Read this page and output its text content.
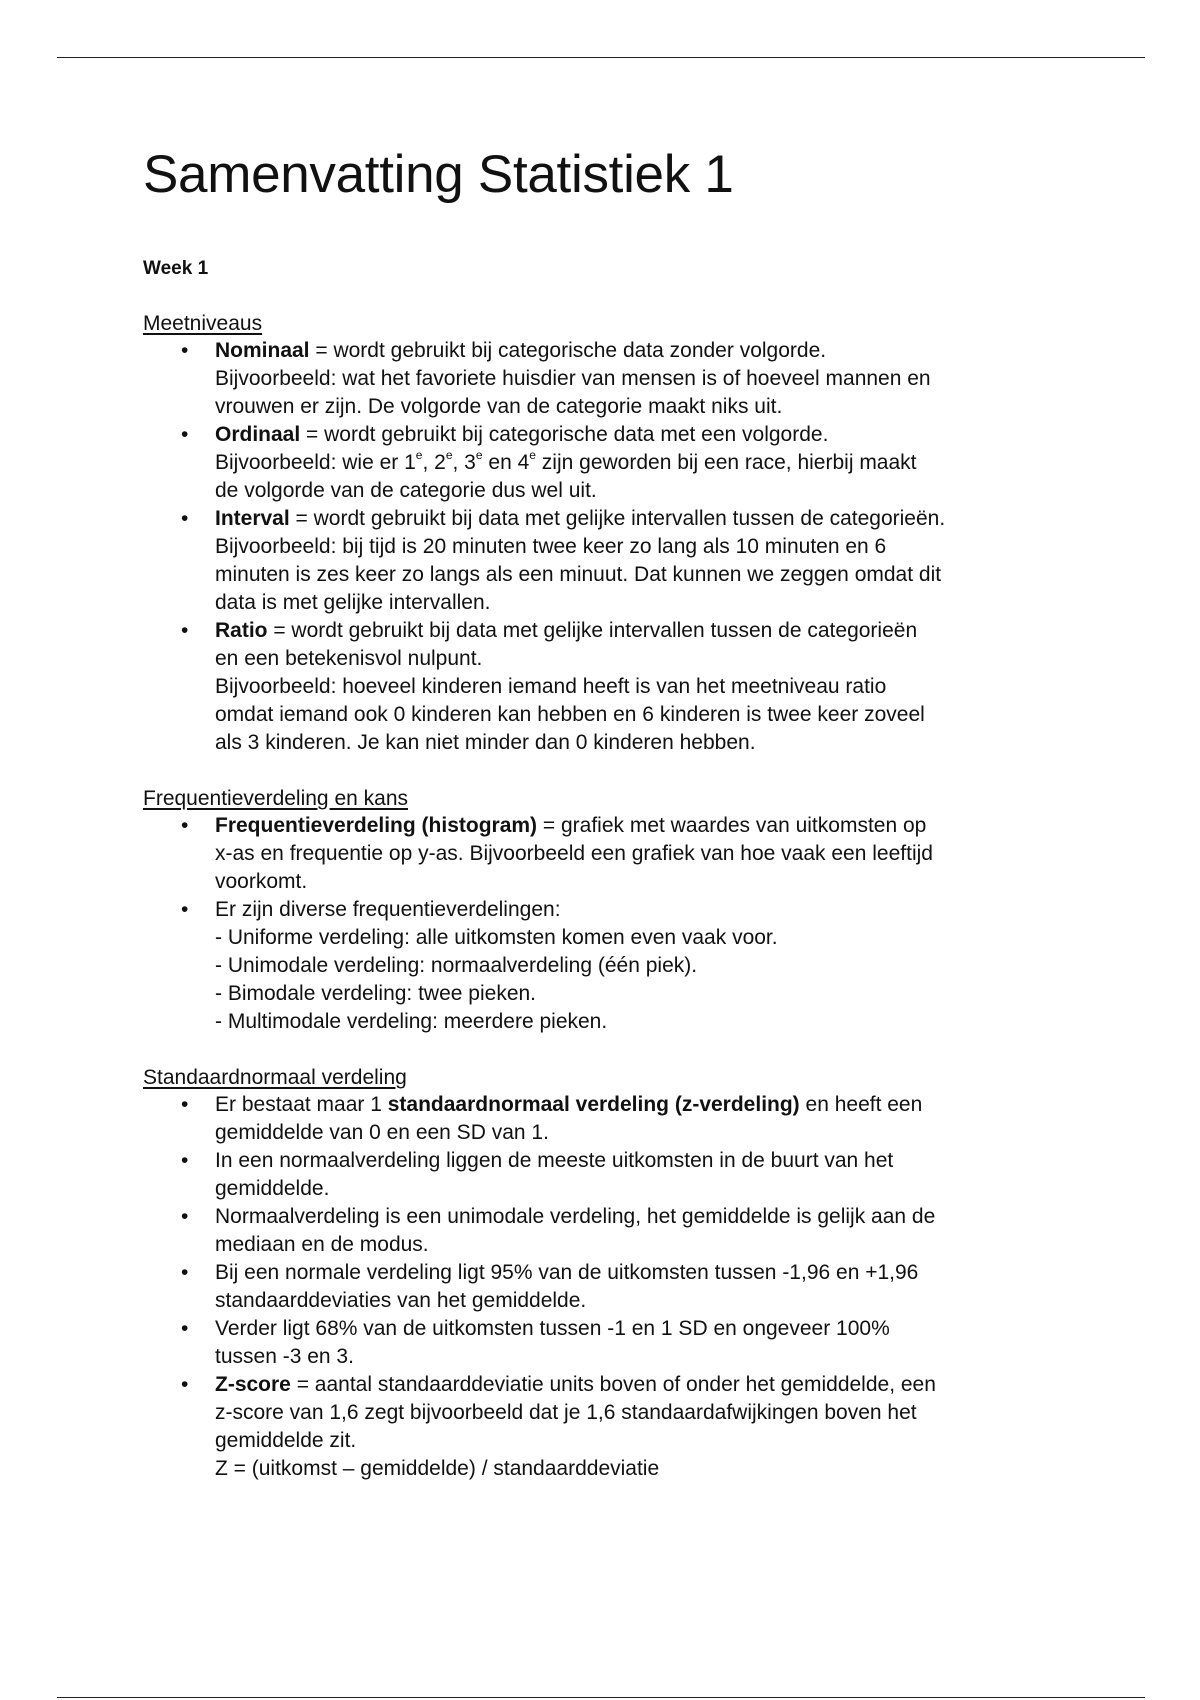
Samenvatting Statistiek 1
Week 1
Meetniveaus
• Nominaal = wordt gebruikt bij categorische data zonder volgorde.
Bijvoorbeeld: wat het favoriete huisdier van mensen is of hoeveel mannen en
vrouwen er zijn. De volgorde van de categorie maakt niks uit.
• Ordinaal = wordt gebruikt bij categorische data met een volgorde.
Bijvoorbeeld: wie er 1e, 2e, 3e en 4e zijn geworden bij een race, hierbij maakt
de volgorde van de categorie dus wel uit.
• Interval = wordt gebruikt bij data met gelijke intervallen tussen de categorieën.
Bijvoorbeeld: bij tijd is 20 minuten twee keer zo lang als 10 minuten en 6
minuten is zes keer zo langs als een minuut. Dat kunnen we zeggen omdat dit
data is met gelijke intervallen.
• Ratio = wordt gebruikt bij data met gelijke intervallen tussen de categorieën
en een betekenisvol nulpunt.
Bijvoorbeeld: hoeveel kinderen iemand heeft is van het meetniveau ratio
omdat iemand ook 0 kinderen kan hebben en 6 kinderen is twee keer zoveel
als 3 kinderen. Je kan niet minder dan 0 kinderen hebben.
Frequentieverdeling en kans
• Frequentieverdeling (histogram) = grafiek met waardes van uitkomsten op
x-as en frequentie op y-as. Bijvoorbeeld een grafiek van hoe vaak een leeftijd
voorkomt.
• Er zijn diverse frequentieverdelingen:
- Uniforme verdeling: alle uitkomsten komen even vaak voor.
- Unimodale verdeling: normaalverdeling (één piek).
- Bimodale verdeling: twee pieken.
- Multimodale verdeling: meerdere pieken.
Standaardnormaal verdeling
• Er bestaat maar 1 standaardnormaal verdeling (z-verdeling) en heeft een
gemiddelde van 0 en een SD van 1.
• In een normaalverdeling liggen de meeste uitkomsten in de buurt van het
gemiddelde.
• Normaalverdeling is een unimodale verdeling, het gemiddelde is gelijk aan de
mediaan en de modus.
• Bij een normale verdeling ligt 95% van de uitkomsten tussen -1,96 en +1,96
standaarddeviaties van het gemiddelde.
• Verder ligt 68% van de uitkomsten tussen -1 en 1 SD en ongeveer 100%
tussen -3 en 3.
• Z-score = aantal standaarddeviatie units boven of onder het gemiddelde, een
z-score van 1,6 zegt bijvoorbeeld dat je 1,6 standaardafwijkingen boven het
gemiddelde zit.
Z = (uitkomst – gemiddelde) / standaarddeviatie
